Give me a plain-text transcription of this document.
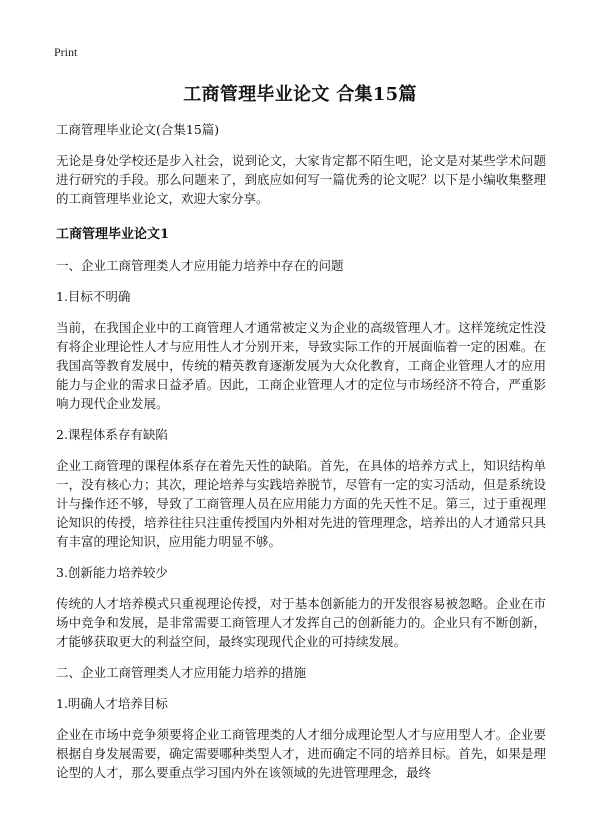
Print
工商管理毕业论文 合集15篇

工商管理毕业论文(合集15篇)

无论是身处学校还是步入社会，说到论文，大家肯定都不陌生吧，论文是对某些学术问题进行研究的手段。那么问题来了，到底应如何写一篇优秀的论文呢？以下是小编收集整理的工商管理毕业论文，欢迎大家分享。

工商管理毕业论文1

一、企业工商管理类人才应用能力培养中存在的问题

1.目标不明确

当前，在我国企业中的工商管理人才通常被定义为企业的高级管理人才。这样笼统定性没有将企业理论性人才与应用性人才分别开来，导致实际工作的开展面临着一定的困难。在我国高等教育发展中，传统的精英教育逐渐发展为大众化教育，工商企业管理人才的应用能力与企业的需求日益矛盾。因此，工商企业管理人才的定位与市场经济不符合，严重影响力现代企业发展。

2.课程体系存有缺陷

企业工商管理的课程体系存在着先天性的缺陷。首先，在具体的培养方式上，知识结构单一，没有核心力；其次，理论培养与实践培养脱节，尽管有一定的实习活动，但是系统设计与操作还不够，导致了工商管理人员在应用能力方面的先天性不足。第三，过于重视理论知识的传授，培养往往只注重传授国内外相对先进的管理理念，培养出的人才通常只具有丰富的理论知识，应用能力明显不够。

3.创新能力培养较少

传统的人才培养模式只重视理论传授，对于基本创新能力的开发很容易被忽略。企业在市场中竞争和发展，是非常需要工商管理人才发挥自己的创新能力的。企业只有不断创新，才能够获取更大的利益空间，最终实现现代企业的可持续发展。

二、企业工商管理类人才应用能力培养的措施

1.明确人才培养目标

企业在市场中竞争须要将企业工商管理类的人才细分成理论型人才与应用型人才。企业要根据自身发展需要，确定需要哪种类型人才，进而确定不同的培养目标。首先，如果是理论型的人才，那么要重点学习国内外在该领域的先进管理理念，最终
